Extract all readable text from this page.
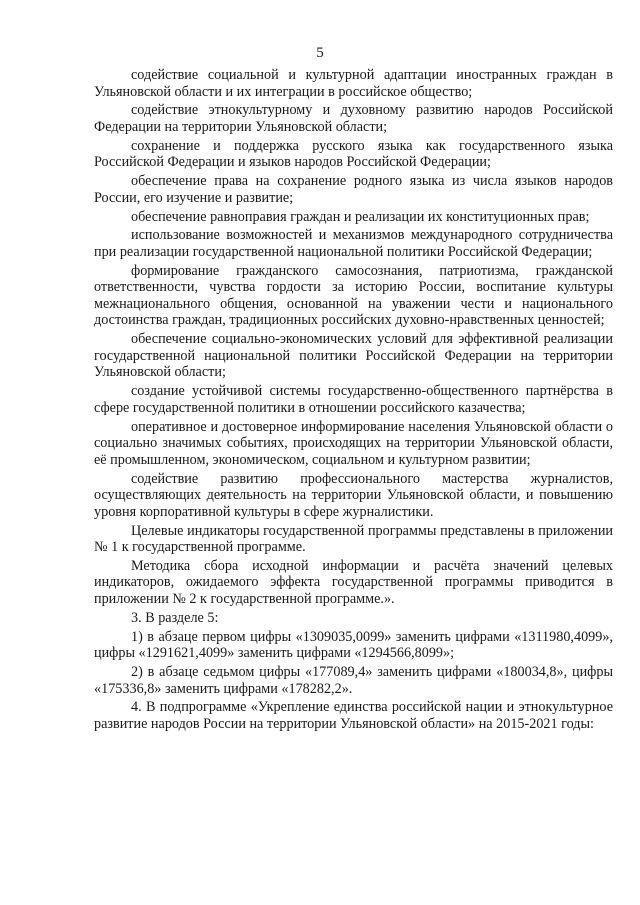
5

содействие социальной и культурной адаптации иностранных граждан в Ульяновской области и их интеграции в российское общество;

содействие этнокультурному и духовному развитию народов Российской Федерации на территории Ульяновской области;

сохранение и поддержка русского языка как государственного языка Российской Федерации и языков народов Российской Федерации;

обеспечение права на сохранение родного языка из числа языков народов России, его изучение и развитие;

обеспечение равноправия граждан и реализации их конституционных прав;

использование возможностей и механизмов международного сотрудничества при реализации государственной национальной политики Российской Федерации;

формирование гражданского самосознания, патриотизма, гражданской ответственности, чувства гордости за историю России, воспитание культуры межнационального общения, основанной на уважении чести и национального достоинства граждан, традиционных российских духовно-нравственных ценностей;

обеспечение социально-экономических условий для эффективной реализации государственной национальной политики Российской Федерации на территории Ульяновской области;

создание устойчивой системы государственно-общественного партнёрства в сфере государственной политики в отношении российского казачества;

оперативное и достоверное информирование населения Ульяновской области о социально значимых событиях, происходящих на территории Ульяновской области, её промышленном, экономическом, социальном и культурном развитии;

содействие развитию профессионального мастерства журналистов, осуществляющих деятельность на территории Ульяновской области, и повышению уровня корпоративной культуры в сфере журналистики.

Целевые индикаторы государственной программы представлены в приложении № 1 к государственной программе.

Методика сбора исходной информации и расчёта значений целевых индикаторов, ожидаемого эффекта государственной программы приводится в приложении № 2 к государственной программе.».

3. В разделе 5:

1) в абзаце первом цифры «1309035,0099» заменить цифрами «1311980,4099», цифры «1291621,4099» заменить цифрами «1294566,8099»;

2) в абзаце седьмом цифры «177089,4» заменить цифрами «180034,8», цифры «175336,8» заменить цифрами «178282,2».

4. В подпрограмме «Укрепление единства российской нации и этнокультурное развитие народов России на территории Ульяновской области» на 2015-2021 годы:
